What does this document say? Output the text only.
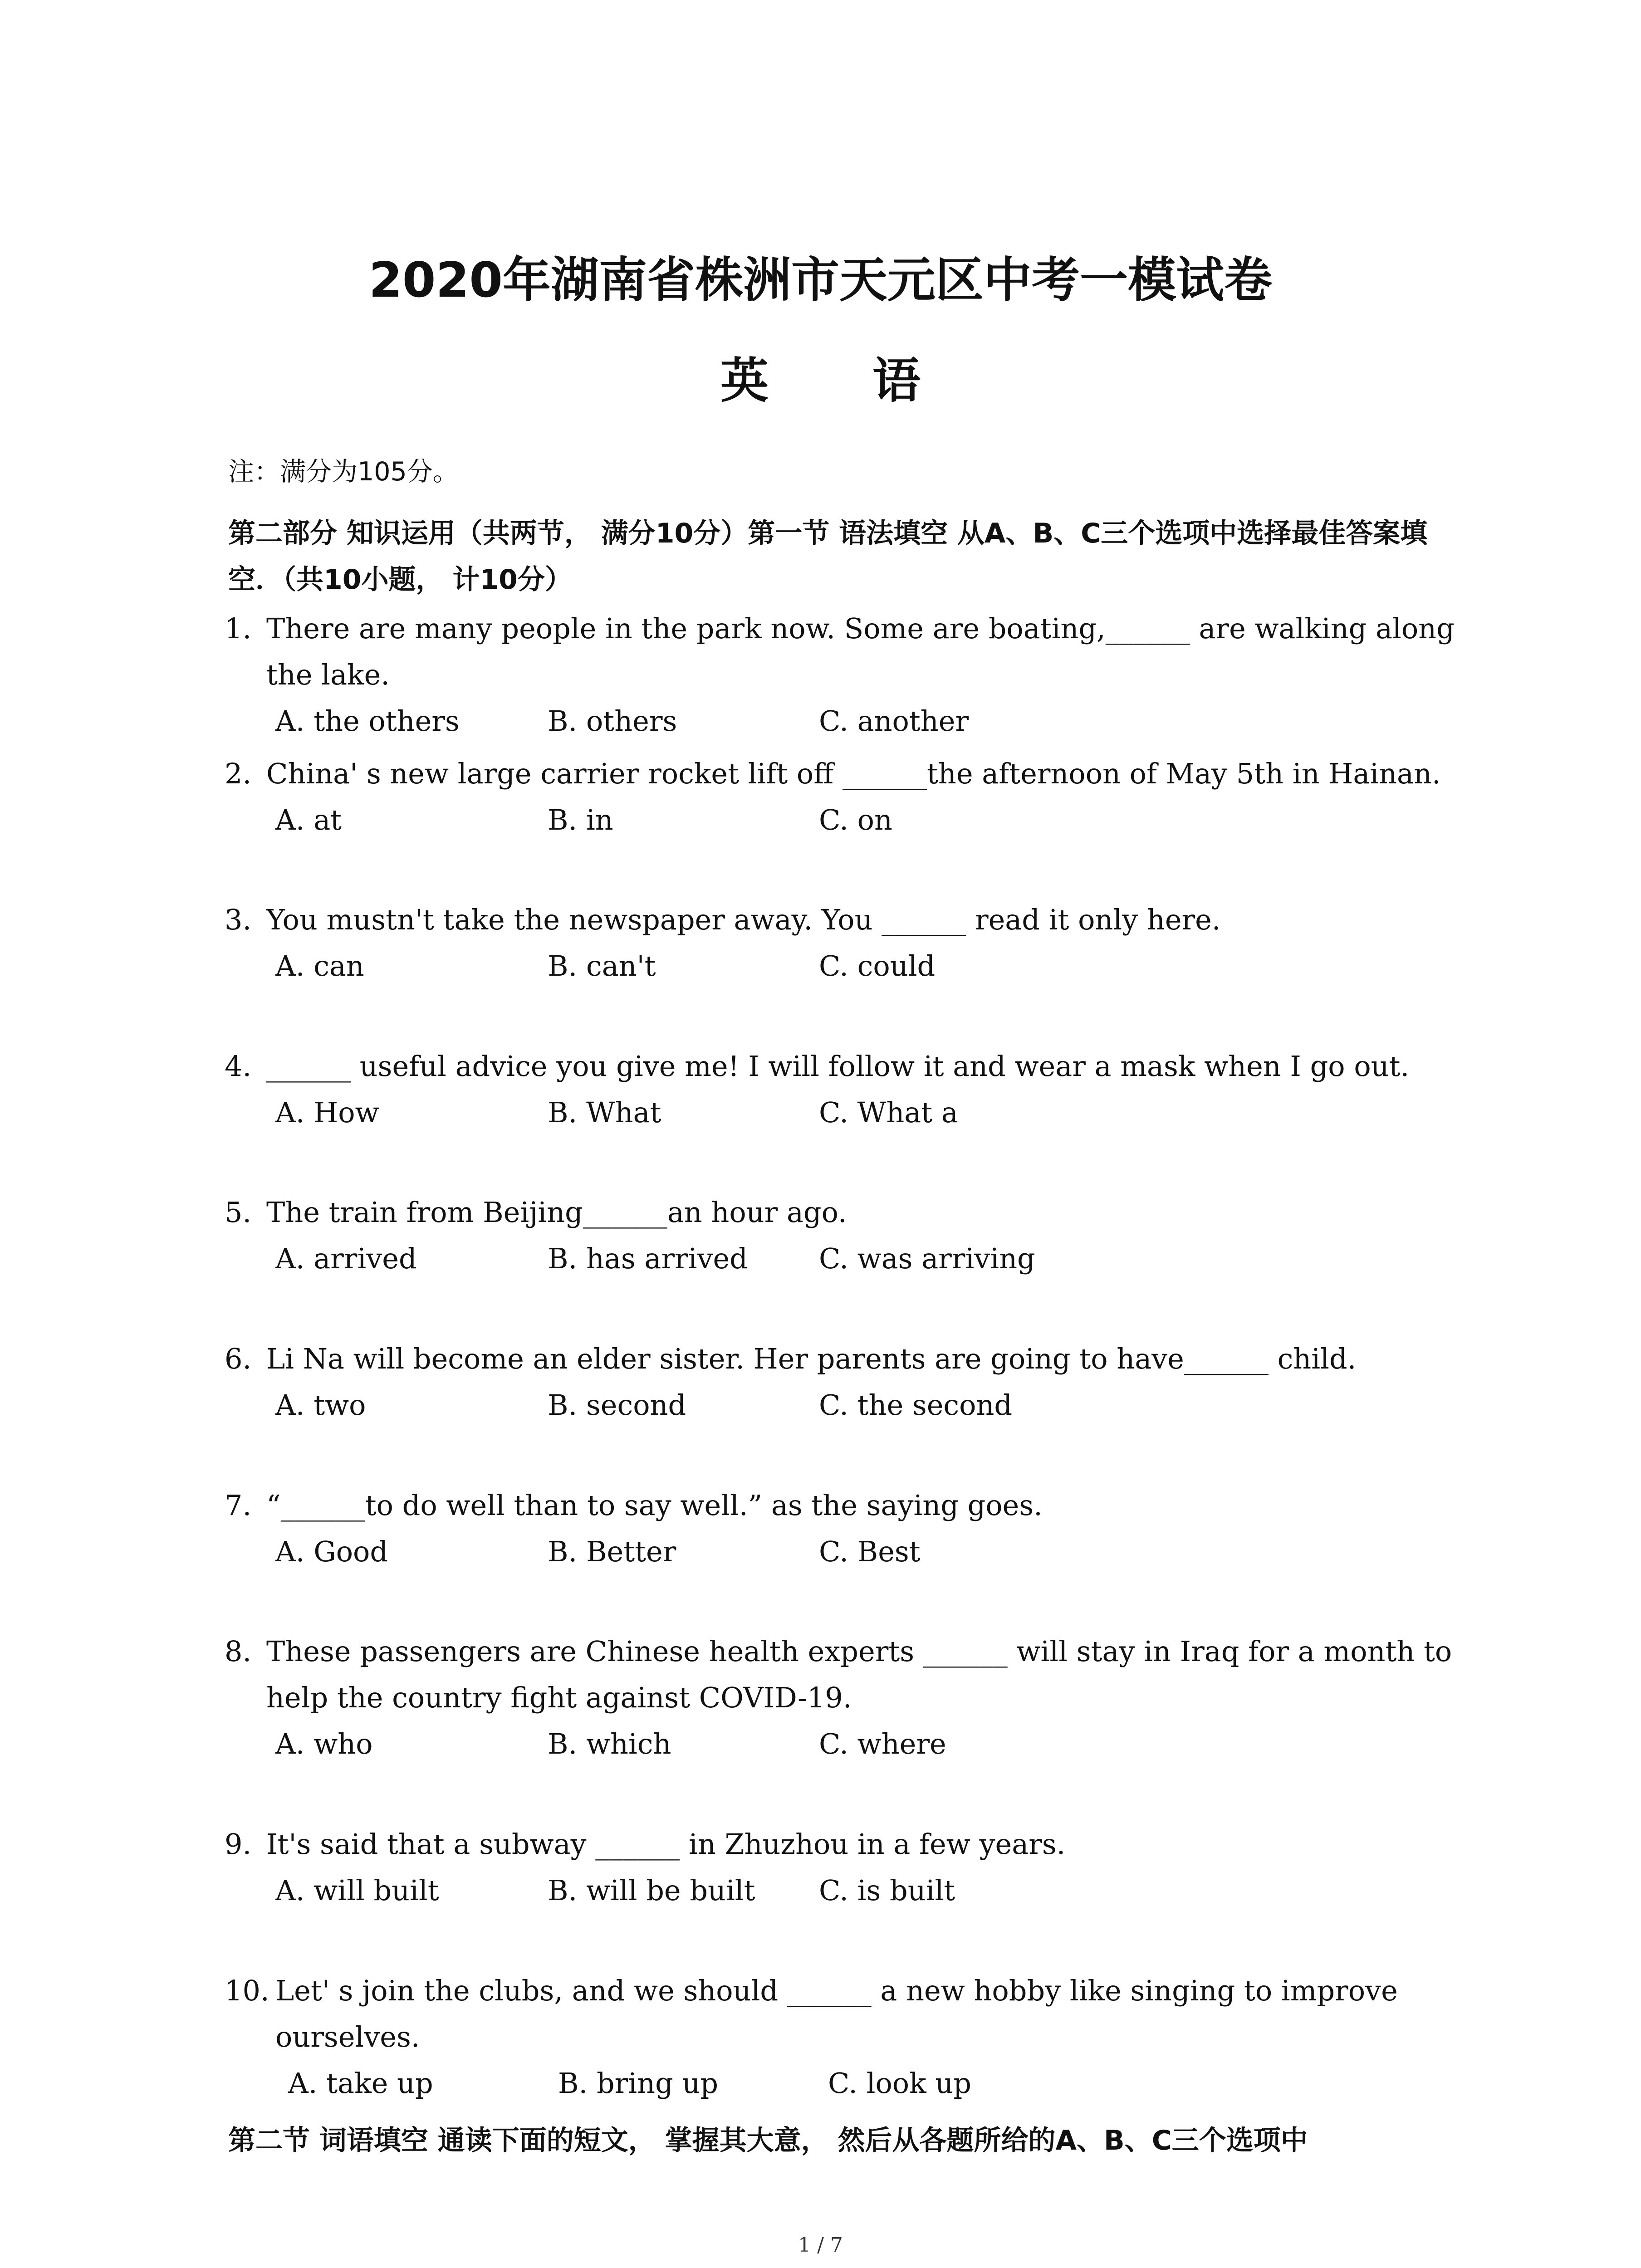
2020年湖南省株洲市天元区中考一模试卷
英 语
注：满分为105分。
第二部分 知识运用（共两节， 满分10分）第一节 语法填空 从A、B、C三个选项中选择最佳答案填空．（共10小题， 计10分）
1. There are many people in the park now. Some are boating,______ are walking along the lake.
A. the others	B. others	C. another
2. China' s new large carrier rocket lift off ______the afternoon of May 5th in Hainan.
A. at	B. in	C. on
3. You mustn't take the newspaper away. You ______ read it only here.
A. can	B. can't	C. could
4. ______ useful advice you give me! I will follow it and wear a mask when I go out.
A. How	B. What	C. What a
5. The train from Beijing______an hour ago.
A. arrived	B. has arrived	C. was arriving
6. Li Na will become an elder sister. Her parents are going to have______ child.
A. two	B. second	C. the second
7. “______to do well than to say well.” as the saying goes.
A. Good	B. Better	C. Best
8. These passengers are Chinese health experts ______ will stay in Iraq for a month to help the country fight against COVID-19.
A. who	B. which	C. where
9. It's said that a subway ______ in Zhuzhou in a few years.
A. will built	B. will be built C. is built
10. Let' s join the clubs, and we should ______ a new hobby like singing to improve ourselves.
A. take up	B. bring up	C. look up
第二节 词语填空 通读下面的短文， 掌握其大意， 然后从各题所给的A、B、C三个选项中
1 / 7
